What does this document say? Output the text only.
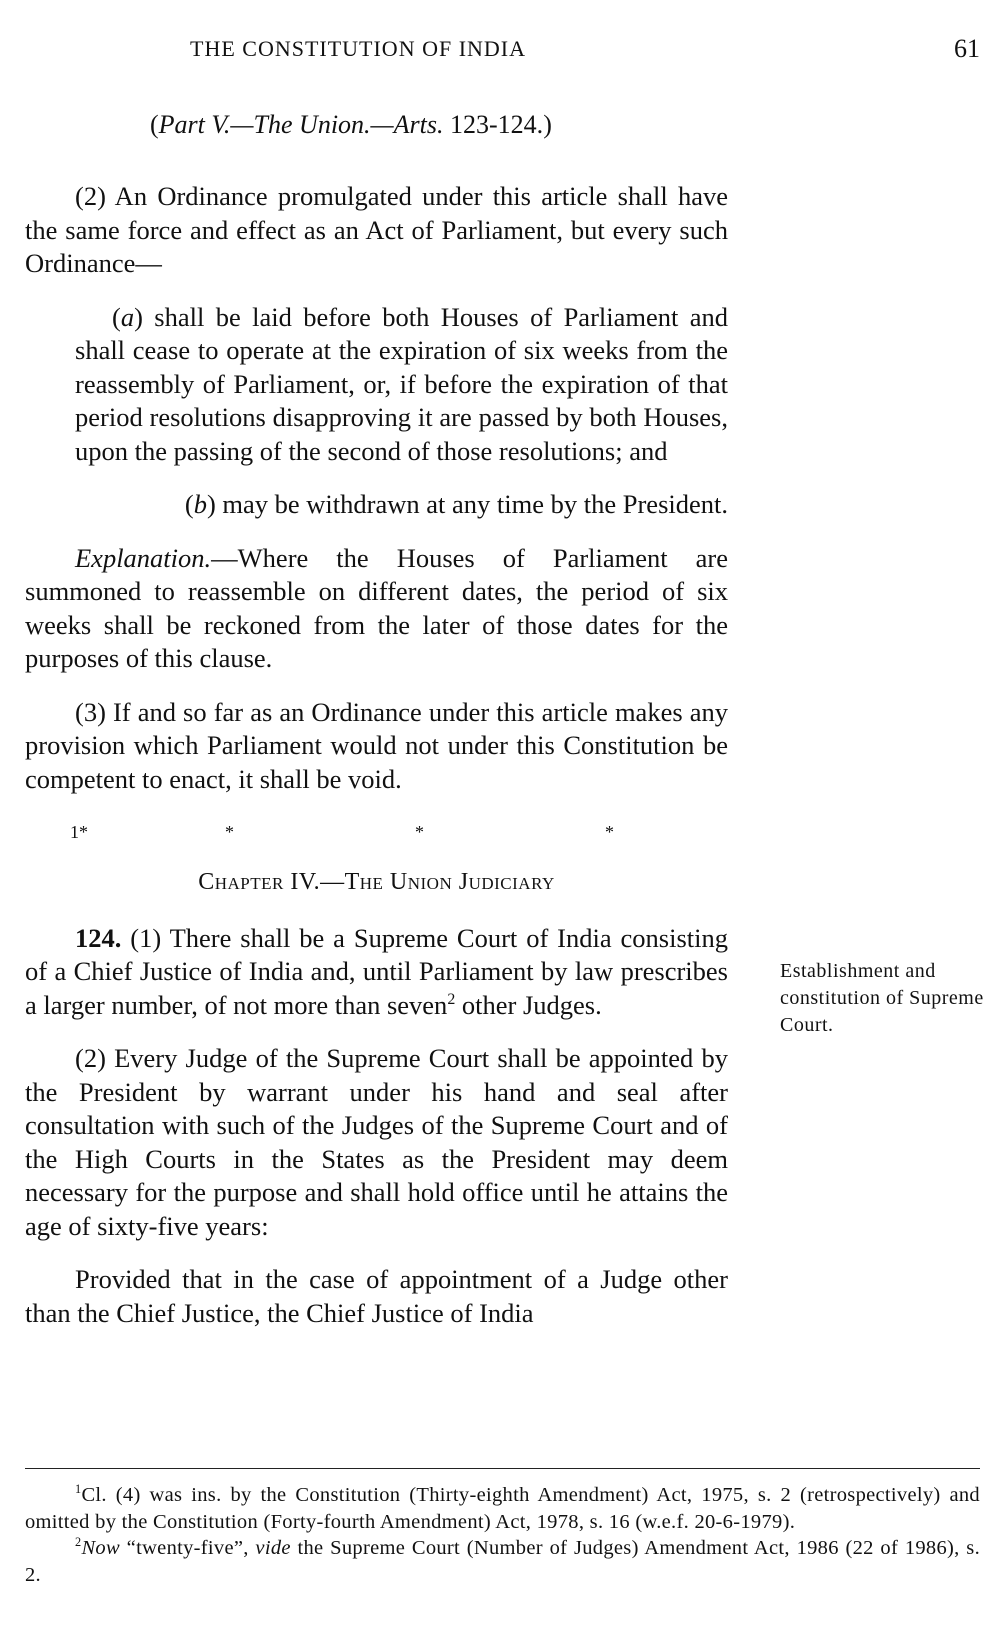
THE CONSTITUTION OF INDIA	61
(Part V.—The Union.—Arts. 123-124.)

(2) An Ordinance promulgated under this article shall have the same force and effect as an Act of Parliament, but every such Ordinance—

(a) shall be laid before both Houses of Parliament and shall cease to operate at the expiration of six weeks from the reassembly of Parliament, or, if before the expiration of that period resolutions disapproving it are passed by both Houses, upon the passing of the second of those resolutions; and

(b) may be withdrawn at any time by the President.

Explanation.—Where the Houses of Parliament are summoned to reassemble on different dates, the period of six weeks shall be reckoned from the later of those dates for the purposes of this clause.

(3) If and so far as an Ordinance under this article makes any provision which Parliament would not under this Constitution be competent to enact, it shall be void.

1*	*	*	*
Chapter IV.—The Union Judiciary

124. (1) There shall be a Supreme Court of India consisting of a Chief Justice of India and, until Parliament by law prescribes a larger number, of not more than seven$^2$ other Judges.

(2) Every Judge of the Supreme Court shall be appointed by the President by warrant under his hand and seal after consultation with such of the Judges of the Supreme Court and of the High Courts in the States as the President may deem necessary for the purpose and shall hold office until he attains the age of sixty-five years:

Provided that in the case of appointment of a Judge other than the Chief Justice, the Chief Justice of India

Establishment and constitution of Supreme Court.

$^1$Cl. (4) was ins. by the Constitution (Thirty-eighth Amendment) Act, 1975, s. 2 (retrospectively) and omitted by the Constitution (Forty-fourth Amendment) Act, 1978, s. 16 (w.e.f. 20-6-1979).

$^2$Now “twenty-five”, vide the Supreme Court (Number of Judges) Amendment Act, 1986 (22 of 1986), s. 2.
